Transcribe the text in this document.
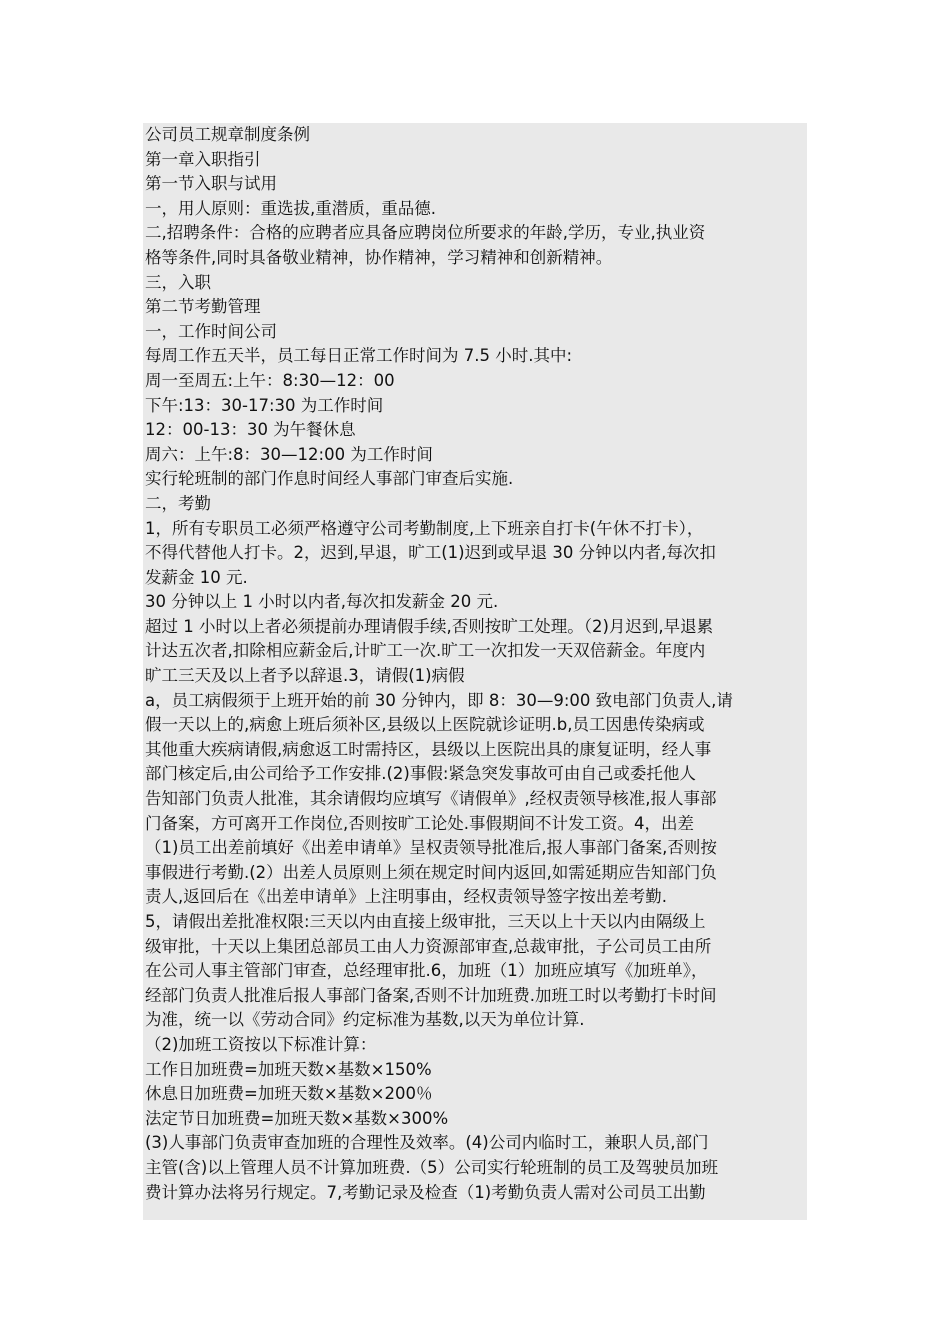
公司员工规章制度条例
第一章入职指引
第一节入职与试用
一，用人原则：重选拔,重潜质，重品德.
二,招聘条件：合格的应聘者应具备应聘岗位所要求的年龄,学历，专业,执业资
格等条件,同时具备敬业精神，协作精神，学习精神和创新精神。
三，入职
第二节考勤管理
一，工作时间公司
每周工作五天半，员工每日正常工作时间为 7.5 小时.其中:
周一至周五:上午：8:30—12：00
下午:13：30-17:30 为工作时间
12：00-13：30 为午餐休息
周六：上午:8：30—12:00 为工作时间
实行轮班制的部门作息时间经人事部门审查后实施.
二，考勤
1，所有专职员工必须严格遵守公司考勤制度,上下班亲自打卡(午休不打卡），
不得代替他人打卡。2，迟到,早退，旷工(1)迟到或早退 30 分钟以内者,每次扣
发薪金 10 元.
30 分钟以上 1 小时以内者,每次扣发薪金 20 元.
超过 1 小时以上者必须提前办理请假手续,否则按旷工处理。（2)月迟到,早退累
计达五次者,扣除相应薪金后,计旷工一次.旷工一次扣发一天双倍薪金。年度内
旷工三天及以上者予以辞退.3，请假(1)病假
a，员工病假须于上班开始的前 30 分钟内，即 8：30—9:00 致电部门负责人,请
假一天以上的,病愈上班后须补区,县级以上医院就诊证明.b,员工因患传染病或
其他重大疾病请假,病愈返工时需持区，县级以上医院出具的康复证明，经人事
部门核定后,由公司给予工作安排.(2)事假:紧急突发事故可由自己或委托他人
告知部门负责人批准，其余请假均应填写《请假单》,经权责领导核准,报人事部
门备案，方可离开工作岗位,否则按旷工论处.事假期间不计发工资。4，出差
（1)员工出差前填好《出差申请单》呈权责领导批准后,报人事部门备案,否则按
事假进行考勤.(2）出差人员原则上须在规定时间内返回,如需延期应告知部门负
责人,返回后在《出差申请单》上注明事由，经权责领导签字按出差考勤.
5，请假出差批准权限:三天以内由直接上级审批，三天以上十天以内由隔级上
级审批，十天以上集团总部员工由人力资源部审查,总裁审批，子公司员工由所
在公司人事主管部门审查，总经理审批.6，加班（1）加班应填写《加班单》，
经部门负责人批准后报人事部门备案,否则不计加班费.加班工时以考勤打卡时间
为准，统一以《劳动合同》约定标准为基数,以天为单位计算.
（2)加班工资按以下标准计算：
工作日加班费=加班天数×基数×150%
休息日加班费=加班天数×基数×200％
法定节日加班费=加班天数×基数×300%
(3)人事部门负责审查加班的合理性及效率。(4)公司内临时工，兼职人员,部门
主管(含)以上管理人员不计算加班费.（5）公司实行轮班制的员工及驾驶员加班
费计算办法将另行规定。7,考勤记录及检查（1)考勤负责人需对公司员工出勤
